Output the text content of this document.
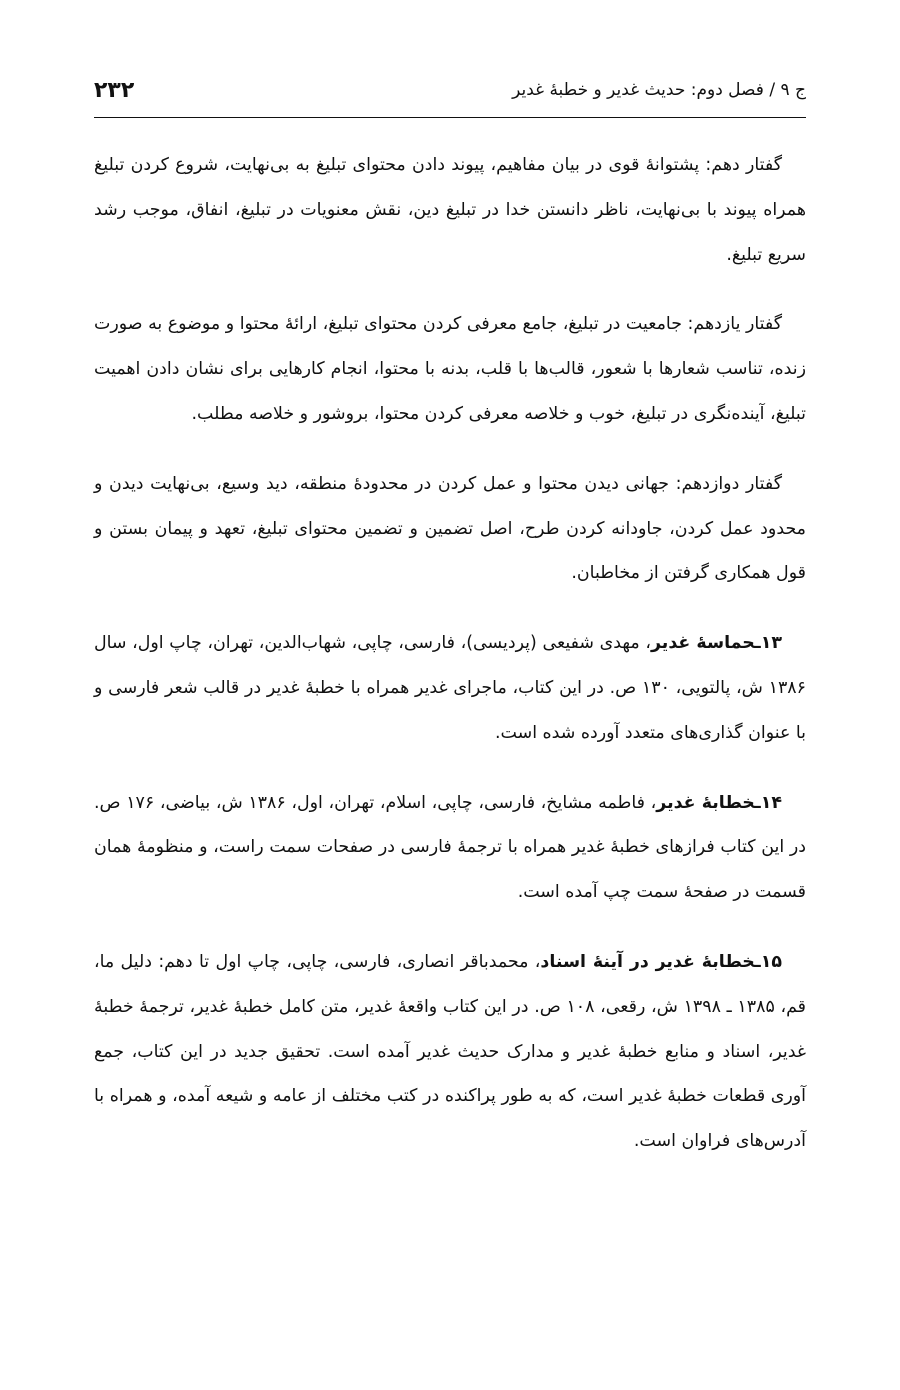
ج ۹ / فصل دوم: حدیث غدیر و خطبهٔ غدیر
۲۳۲

گفتار دهم: پشتوانهٔ قوی در بیان مفاهیم، پیوند دادن محتوای تبلیغ به بی‌نهایت، شروع کردن تبلیغ همراه پیوند با بی‌نهایت، ناظر دانستن خدا در تبلیغ دین، نقش معنویات در تبلیغ، انفاق، موجب رشد سریع تبلیغ.

گفتار یازدهم: جامعیت در تبلیغ، جامع معرفی کردن محتوای تبلیغ، ارائهٔ محتوا و موضوع به صورت زنده، تناسب شعارها با شعور، قالب‌ها با قلب، بدنه با محتوا، انجام کارهایی برای نشان دادن اهمیت تبلیغ، آینده‌نگری در تبلیغ، خوب و خلاصه معرفی کردن محتوا، بروشور و خلاصه مطلب.

گفتار دوازدهم: جهانی دیدن محتوا و عمل کردن در محدودهٔ منطقه، دید وسیع، بی‌نهایت دیدن و محدود عمل کردن، جاودانه کردن طرح، اصل تضمین و تضمین محتوای تبلیغ، تعهد و پیمان بستن و قول همکاری گرفتن از مخاطبان.

۱۳ـحماسهٔ غدیر، مهدی شفیعی (پردیسی)، فارسی، چاپی، شهاب‌الدین، تهران، چاپ اول، سال ۱۳۸۶ ش، پالتویی، ۱۳۰ ص. در این کتاب، ماجرای غدیر همراه با خطبهٔ غدیر در قالب شعر فارسی و با عنوان گذاری‌های متعدد آورده شده است.

۱۴ـخطابهٔ غدیر، فاطمه مشایخ، فارسی، چاپی، اسلام، تهران، اول، ۱۳۸۶ ش، بیاضی، ۱۷۶ ص. در این کتاب فرازهای خطبهٔ غدیر همراه با ترجمهٔ فارسی در صفحات سمت راست، و منظومهٔ همان قسمت در صفحهٔ سمت چپ آمده است.

۱۵ـخطابهٔ غدیر در آینهٔ اسناد، محمدباقر انصاری، فارسی، چاپی، چاپ اول تا دهم: دلیل ما، قم، ۱۳۸۵ ـ ۱۳۹۸ ش، رقعی، ۱۰۸ ص. در این کتاب واقعهٔ غدیر، متن کامل خطبهٔ غدیر، ترجمهٔ خطبهٔ غدیر، اسناد و منابع خطبهٔ غدیر و مدارک حدیث غدیر آمده است. تحقیق جدید در این کتاب، جمع آوری قطعات خطبهٔ غدیر است، که به طور پراکنده در کتب مختلف از عامه و شیعه آمده، و همراه با آدرس‌های فراوان است.
